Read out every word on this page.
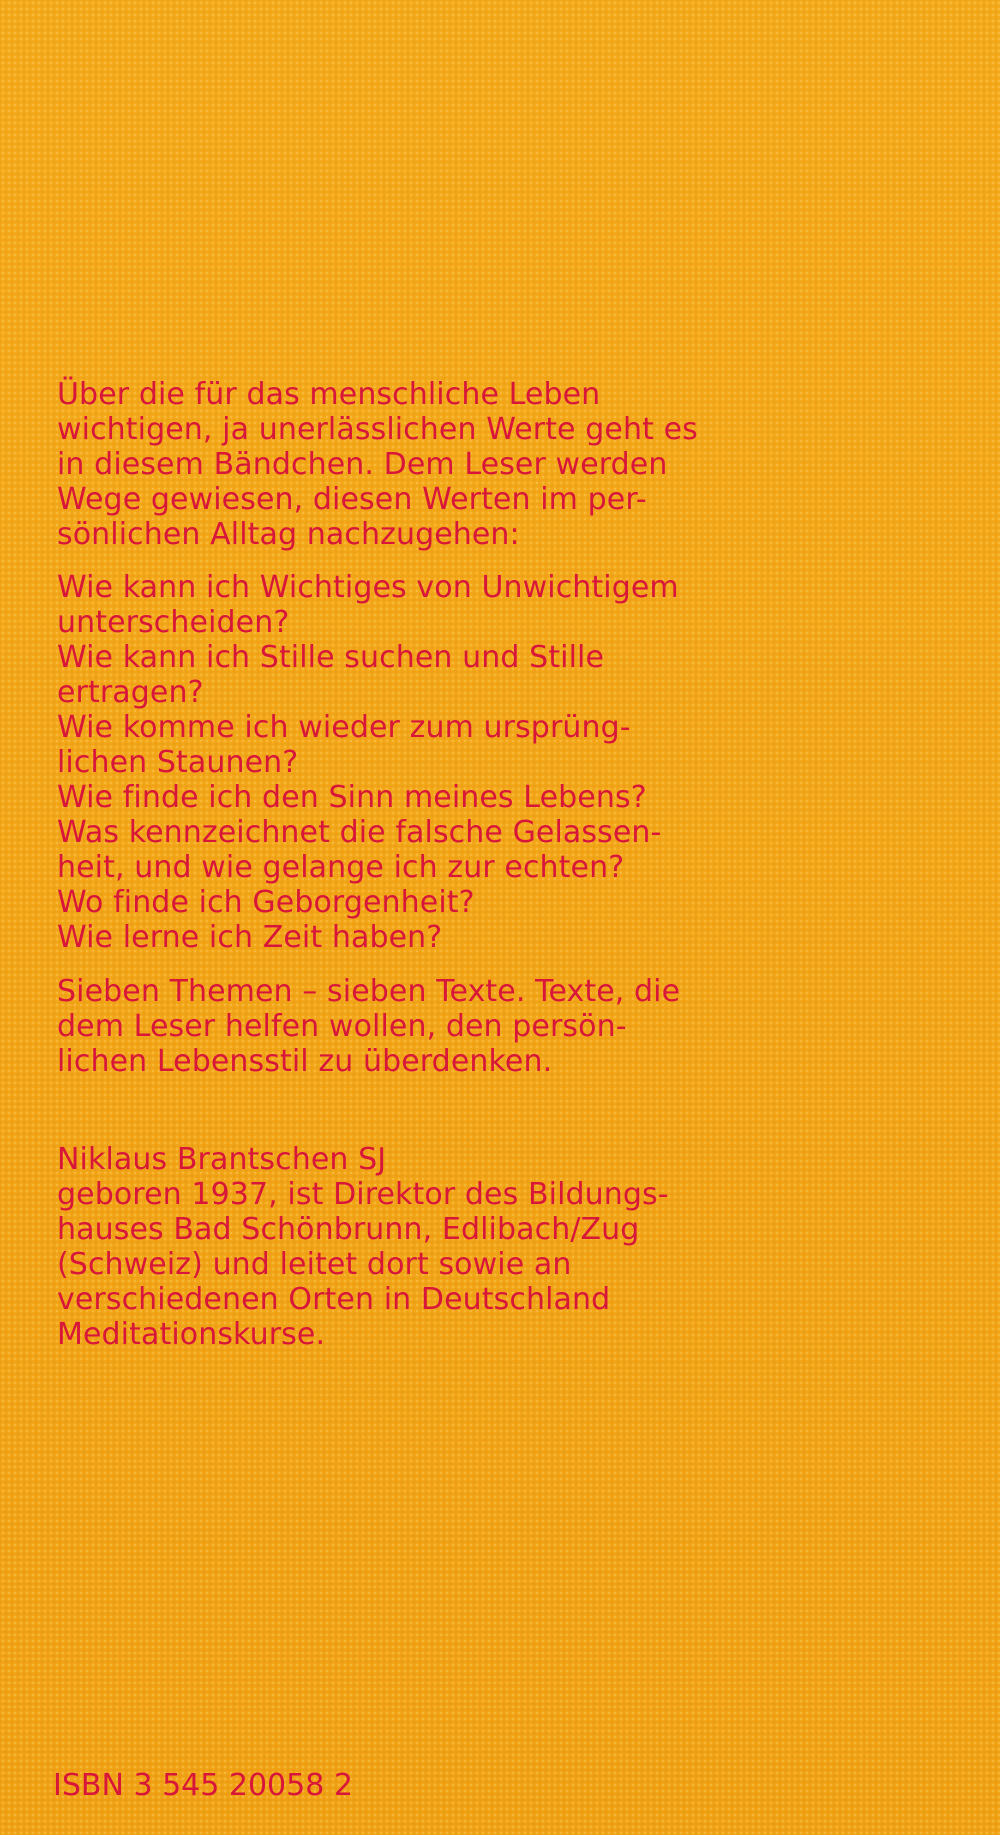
Über die für das menschliche Leben
wichtigen, ja unerlässlichen Werte geht es
in diesem Bändchen. Dem Leser werden
Wege gewiesen, diesen Werten im per-
sönlichen Alltag nachzugehen:

Wie kann ich Wichtiges von Unwichtigem
unterscheiden?
Wie kann ich Stille suchen und Stille
ertragen?
Wie komme ich wieder zum ursprüng-
lichen Staunen?
Wie finde ich den Sinn meines Lebens?
Was kennzeichnet die falsche Gelassen-
heit, und wie gelange ich zur echten?
Wo finde ich Geborgenheit?
Wie lerne ich Zeit haben?

Sieben Themen – sieben Texte. Texte, die
dem Leser helfen wollen, den persön-
lichen Lebensstil zu überdenken.

Niklaus Brantschen SJ
geboren 1937, ist Direktor des Bildungs-
hauses Bad Schönbrunn, Edlibach/Zug
(Schweiz) und leitet dort sowie an
verschiedenen Orten in Deutschland
Meditationskurse.

ISBN 3 545 20058 2
